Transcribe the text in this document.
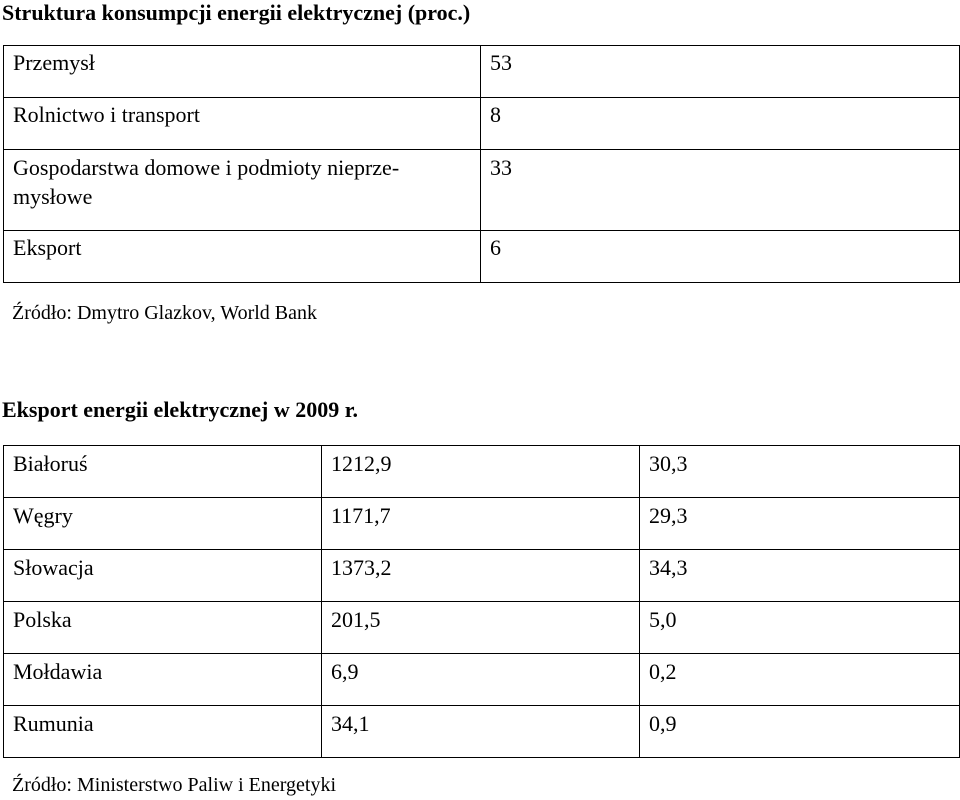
Struktura konsumpcji energii elektrycznej (proc.)
Przemysł	53
Rolnictwo i transport	8

Gospodarstwa domowe i podmioty nieprze-
mysłowe	33
Eksport	6
Źródło: Dmytro Glazkov, World Bank
Eksport energii elektrycznej w 2009 r.
Białoruś	1212,9	30,3
Węgry	1171,7	29,3
Słowacja	1373,2	34,3
Polska	201,5	5,0
Mołdawia	6,9	0,2
Rumunia	34,1	0,9
Źródło: Ministerstwo Paliw i Energetyki
